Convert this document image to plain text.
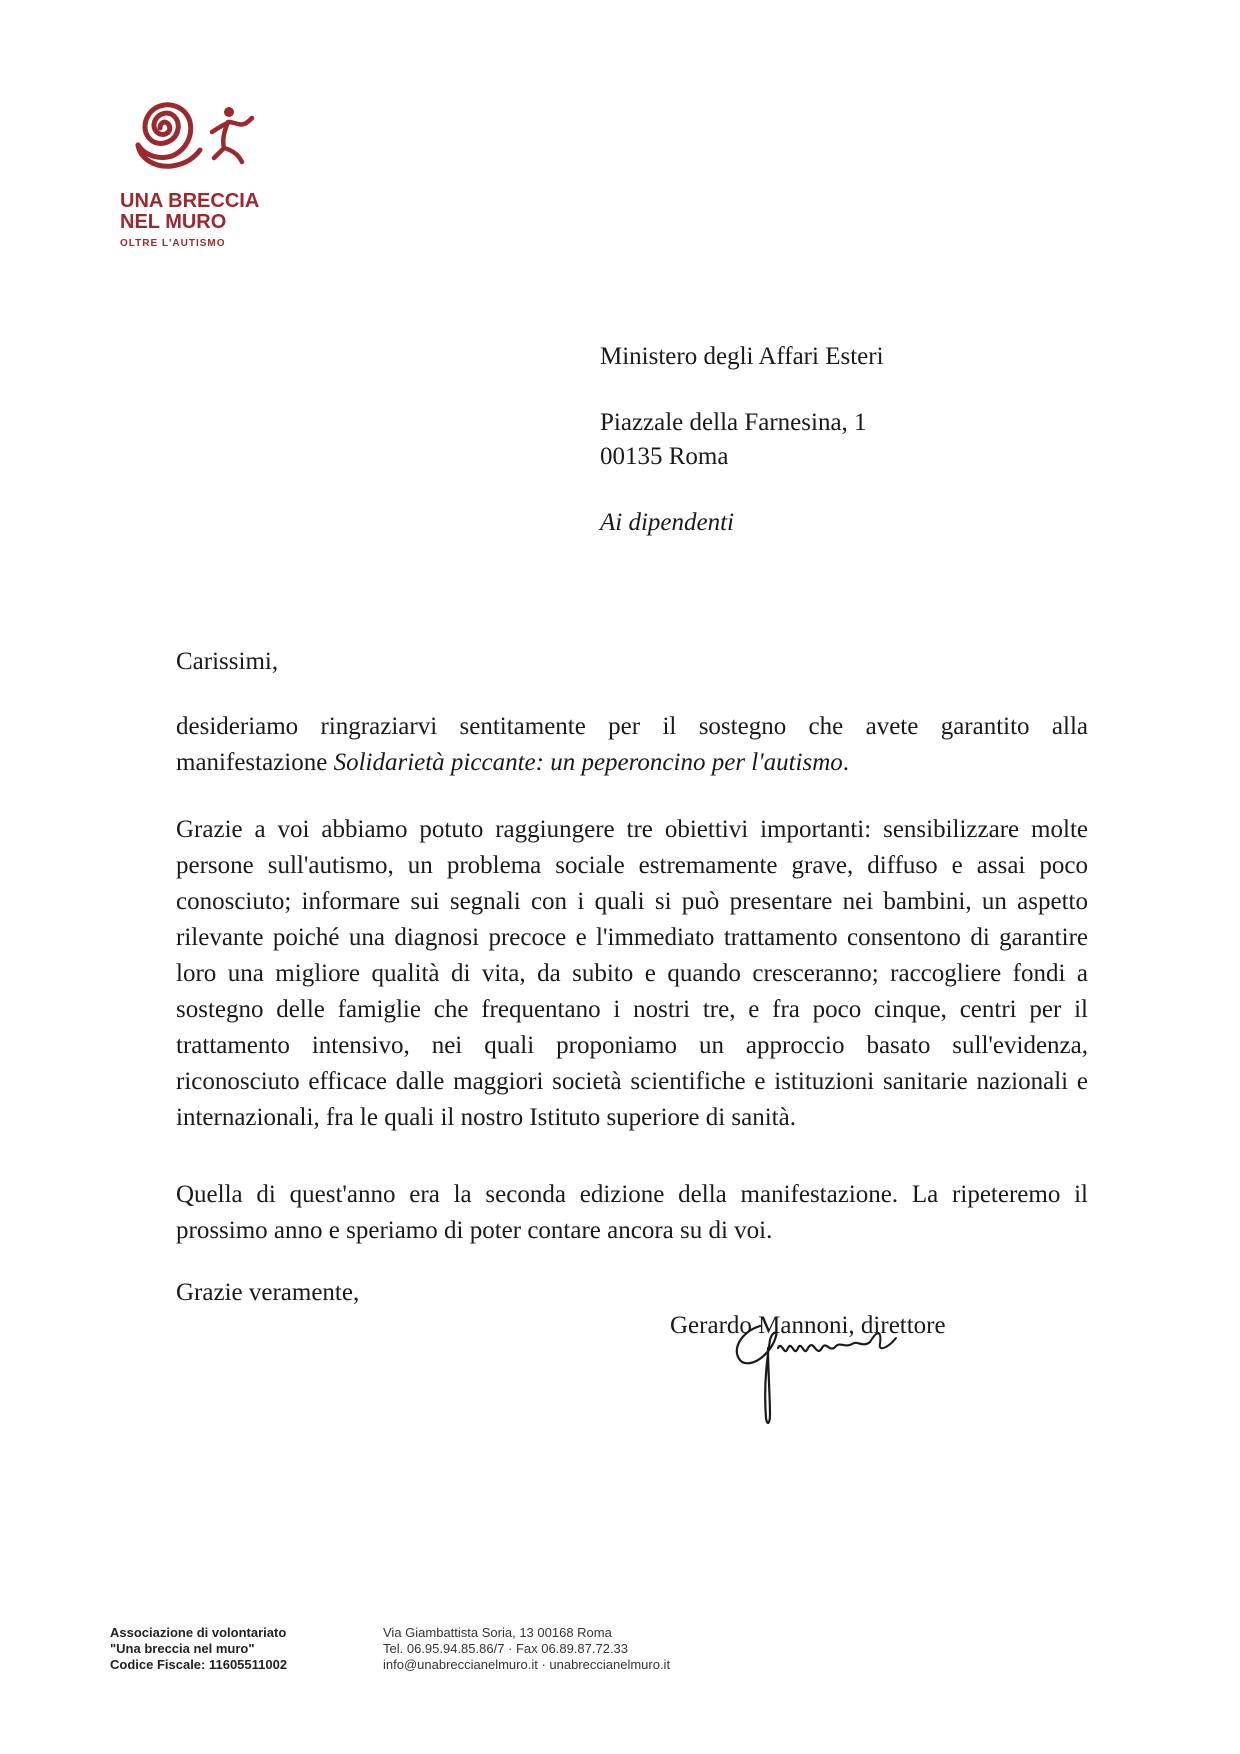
UNA BRECCIA
NEL MURO
OLTRE L'AUTISMO
Ministero degli Affari Esteri
Piazzale della Farnesina, 1
00135 Roma
Ai dipendenti
Carissimi,

desideriamo ringraziarvi sentitamente per il sostegno che avete garantito alla manifestazione Solidarietà piccante: un peperoncino per l'autismo.

Grazie a voi abbiamo potuto raggiungere tre obiettivi importanti: sensibilizzare molte persone sull'autismo, un problema sociale estremamente grave, diffuso e assai poco conosciuto; informare sui segnali con i quali si può presentare nei bambini, un aspetto rilevante poiché una diagnosi precoce e l'immediato trattamento consentono di garantire loro una migliore qualità di vita, da subito e quando cresceranno; raccogliere fondi a sostegno delle famiglie che frequentano i nostri tre, e fra poco cinque, centri per il trattamento intensivo, nei quali proponiamo un approccio basato sull'evidenza, riconosciuto efficace dalle maggiori società scientifiche e istituzioni sanitarie nazionali e internazionali, fra le quali il nostro Istituto superiore di sanità.

Quella di quest'anno era la seconda edizione della manifestazione. La ripeteremo il prossimo anno e speriamo di poter contare ancora su di voi.

Grazie veramente,
Gerardo Mannoni, direttore
Associazione di volontariato
"Una breccia nel muro"
Codice Fiscale: 11605511002
Via Giambattista Soria, 13 00168 Roma
Tel. 06.95.94.85.86/7 · Fax 06.89.87.72.33
info@unabreccianelmuro.it · unabreccianelmuro.it
